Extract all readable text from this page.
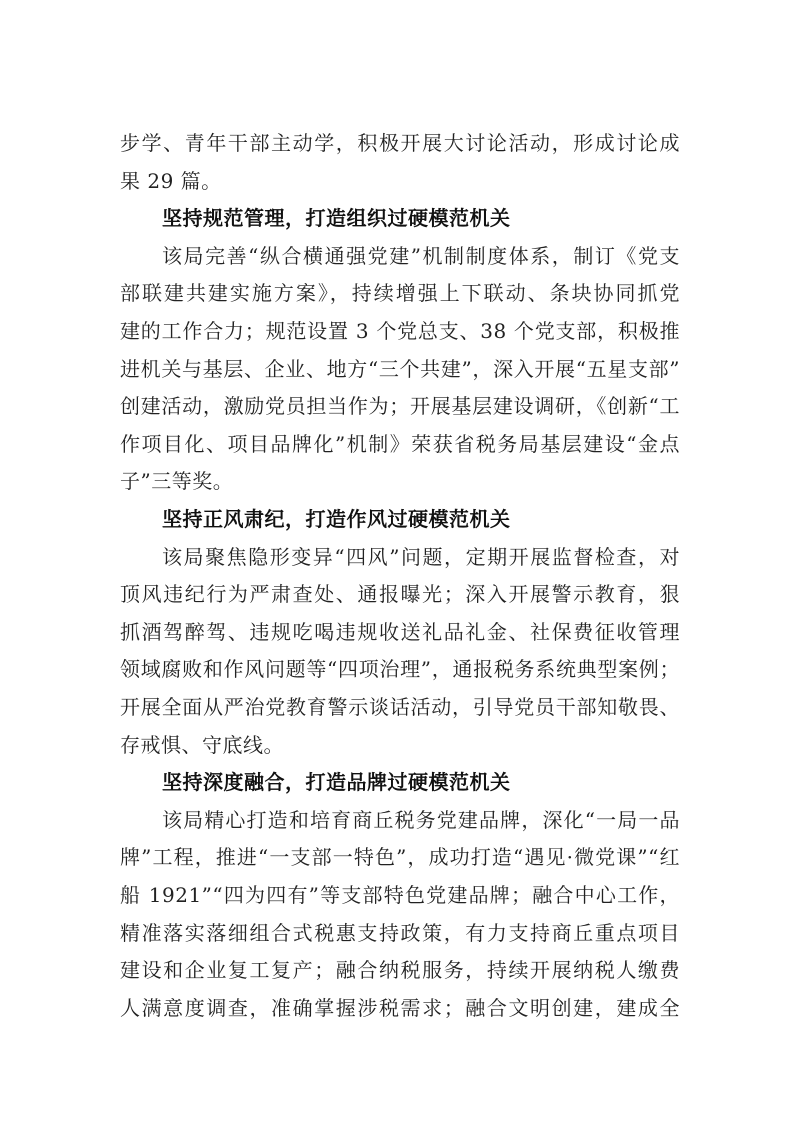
步学、青年干部主动学，积极开展大讨论活动，形成讨论成
果 29 篇。
坚持规范管理，打造组织过硬模范机关
该局完善“纵合横通强党建”机制制度体系，制订《党支
部联建共建实施方案》，持续增强上下联动、条块协同抓党
建的工作合力；规范设置 3 个党总支、38 个党支部，积极推
进机关与基层、企业、地方“三个共建”，深入开展“五星支部”
创建活动，激励党员担当作为；开展基层建设调研，《创新“工
作项目化、项目品牌化”机制》荣获省税务局基层建设“金点
子”三等奖。
坚持正风肃纪，打造作风过硬模范机关
该局聚焦隐形变异“四风”问题，定期开展监督检查，对
顶风违纪行为严肃查处、通报曝光；深入开展警示教育，狠
抓酒驾醉驾、违规吃喝违规收送礼品礼金、社保费征收管理
领域腐败和作风问题等“四项治理”，通报税务系统典型案例；
开展全面从严治党教育警示谈话活动，引导党员干部知敬畏、
存戒惧、守底线。
坚持深度融合，打造品牌过硬模范机关
该局精心打造和培育商丘税务党建品牌，深化“一局一品
牌”工程，推进“一支部一特色”，成功打造“遇见·微党课”“红
船 1921”“四为四有”等支部特色党建品牌；融合中心工作，
精准落实落细组合式税惠支持政策，有力支持商丘重点项目
建设和企业复工复产；融合纳税服务，持续开展纳税人缴费
人满意度调查，准确掌握涉税需求；融合文明创建，建成全
